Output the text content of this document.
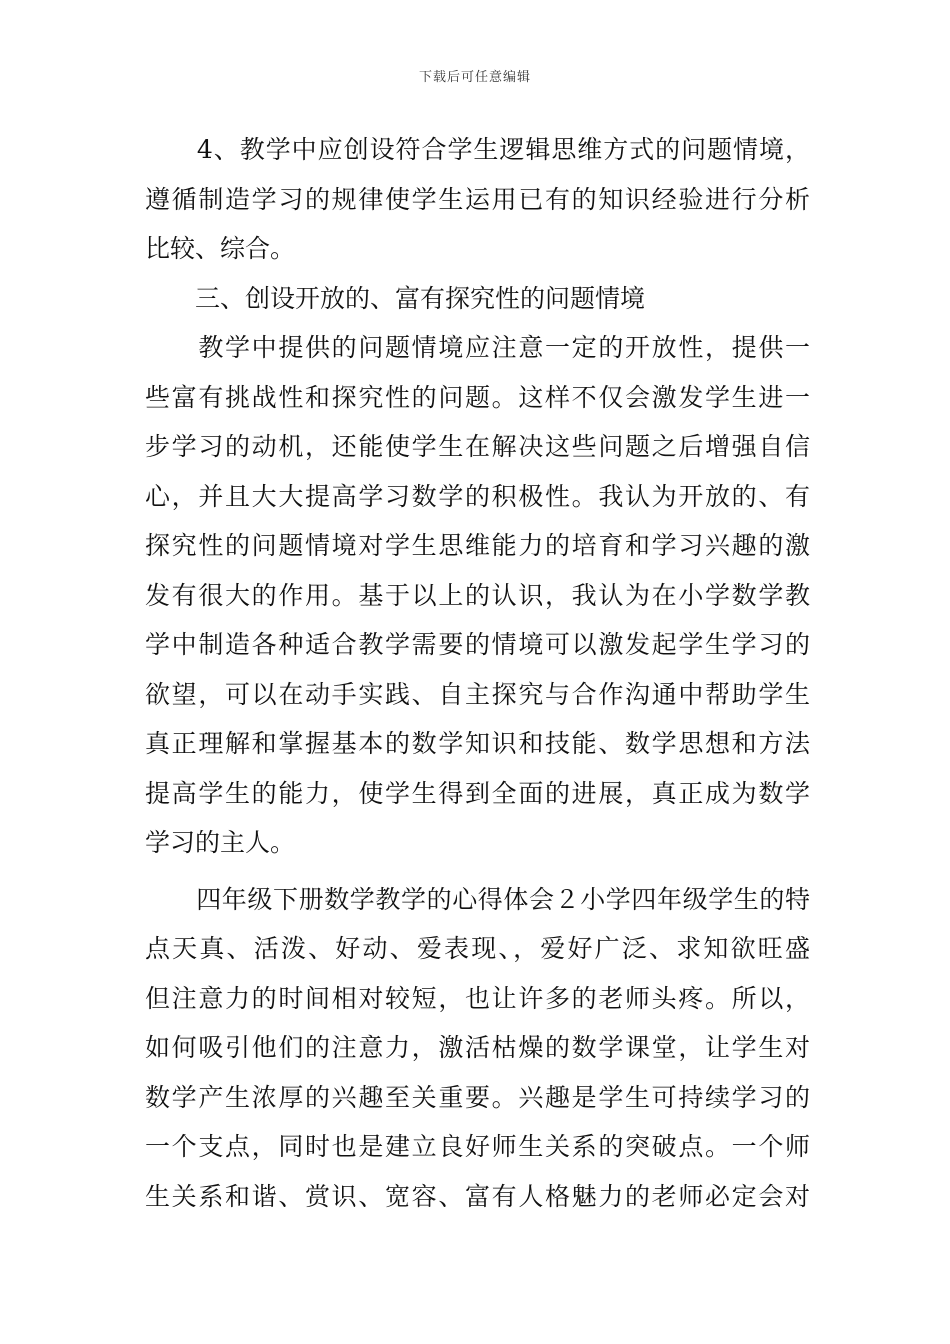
下载后可任意编辑
　　4、教学中应创设符合学生逻辑思维方式的问题情境，
遵循制造学习的规律使学生运用已有的知识经验进行分析
比较、综合。
　　三、创设开放的、富有探究性的问题情境
　　教学中提供的问题情境应注意一定的开放性，提供一
些富有挑战性和探究性的问题。这样不仅会激发学生进一
步学习的动机，还能使学生在解决这些问题之后增强自信
心，并且大大提高学习数学的积极性。我认为开放的、有
探究性的问题情境对学生思维能力的培育和学习兴趣的激
发有很大的作用。基于以上的认识，我认为在小学数学教
学中制造各种适合教学需要的情境可以激发起学生学习的
欲望，可以在动手实践、自主探究与合作沟通中帮助学生
真正理解和掌握基本的数学知识和技能、数学思想和方法
提高学生的能力，使学生得到全面的进展，真正成为数学
学习的主人。
　　四年级下册数学教学的心得体会２小学四年级学生的特
点天真、活泼、好动、爱表现、，爱好广泛、求知欲旺盛
但注意力的时间相对较短，也让许多的老师头疼。所以，
如何吸引他们的注意力，激活枯燥的数学课堂，让学生对
数学产生浓厚的兴趣至关重要。兴趣是学生可持续学习的
一个支点，同时也是建立良好师生关系的突破点。一个师
生关系和谐、赏识、宽容、富有人格魅力的老师必定会对
